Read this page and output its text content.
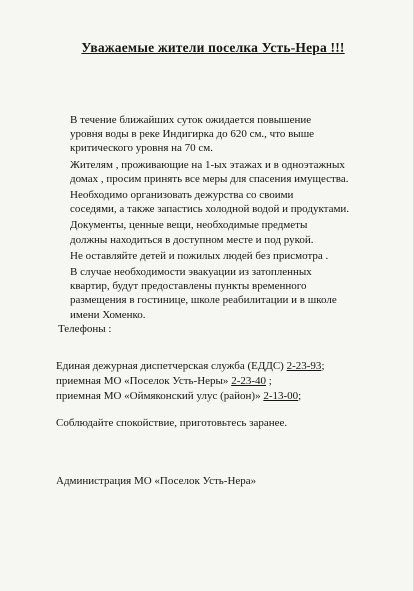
Уважаемые жители поселка Усть-Нера !!!

В течение ближайших суток ожидается повышение
уровня воды в реке Индигирка до 620 см., что выше
критического уровня на 70 см.

Жителям , проживающие на 1-ых этажах и в одноэтажных
домах , просим принять все меры для спасения имущества.

Необходимо организовать дежурства со своими
соседями, а также запастись холодной водой и продуктами.

Документы, ценные вещи, необходимые предметы
должны находиться в доступном месте и под рукой.

Не оставляйте детей и пожилых людей без присмотра .

В случае необходимости эвакуации из затопленных
квартир, будут предоставлены пункты временного
размещения в гостинице, школе реабилитации и в школе
имени Хоменко.

Телефоны :
Единая дежурная диспетчерская служба (ЕДДС) 2-23-93;
приемная МО «Поселок Усть-Неры» 2-23-40 ;
приемная МО «Оймяконский улус (район)» 2-13-00;
Соблюдайте спокойствие, приготовьтесь заранее.
Администрация МО «Поселок Усть-Нера»
